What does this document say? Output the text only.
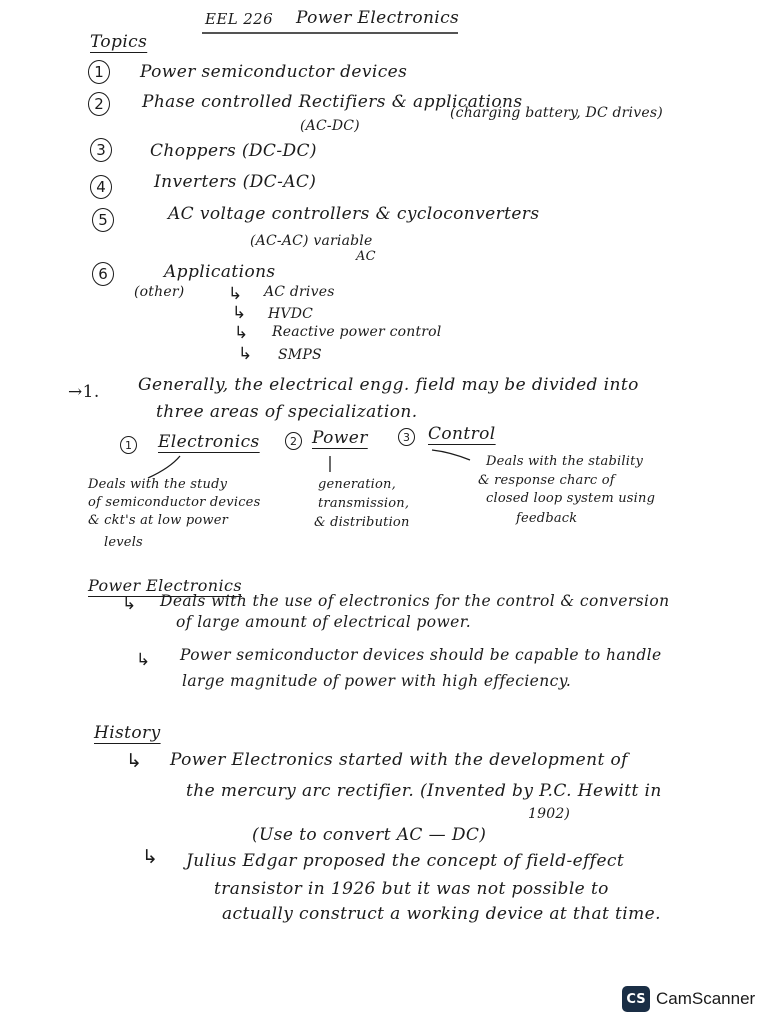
EEL 226 Power Electronics
Topics
1	Power semiconductor devices
2	Phase controlled Rectifiers & applications
(AC-DC)
(charging battery, DC drives)
3	Choppers (DC-DC)
4	Inverters (DC-AC)
5	AC voltage controllers & cycloconverters
(AC-AC) variable
AC
6	Applications
(other)	↳ AC drives
↳ HVDC
↳ Reactive power control
↳ SMPS
→1. Generally, the electrical engg. field may be divided into
three areas of specialization.
1 Electronics	2 Power	3 Control
Deals with the study
of semiconductor devices
& ckt's at low power
levels
generation,
transmission,
& distribution
Deals with the stability
& response charc of
closed loop system using
feedback
Power Electronics
↳ Deals with the use of electronics for the control & conversion
of large amount of electrical power.
↳ Power semiconductor devices should be capable to handle
large magnitude of power with high effeciency.
History
↳ Power Electronics started with the development of
the mercury arc rectifier. (Invented by P.C. Hewitt in
1902)
(Use to convert AC — DC)
↳ Julius Edgar proposed the concept of field-effect
transistor in 1926 but it was not possible to
actually construct a working device at that time.
CS CamScanner
